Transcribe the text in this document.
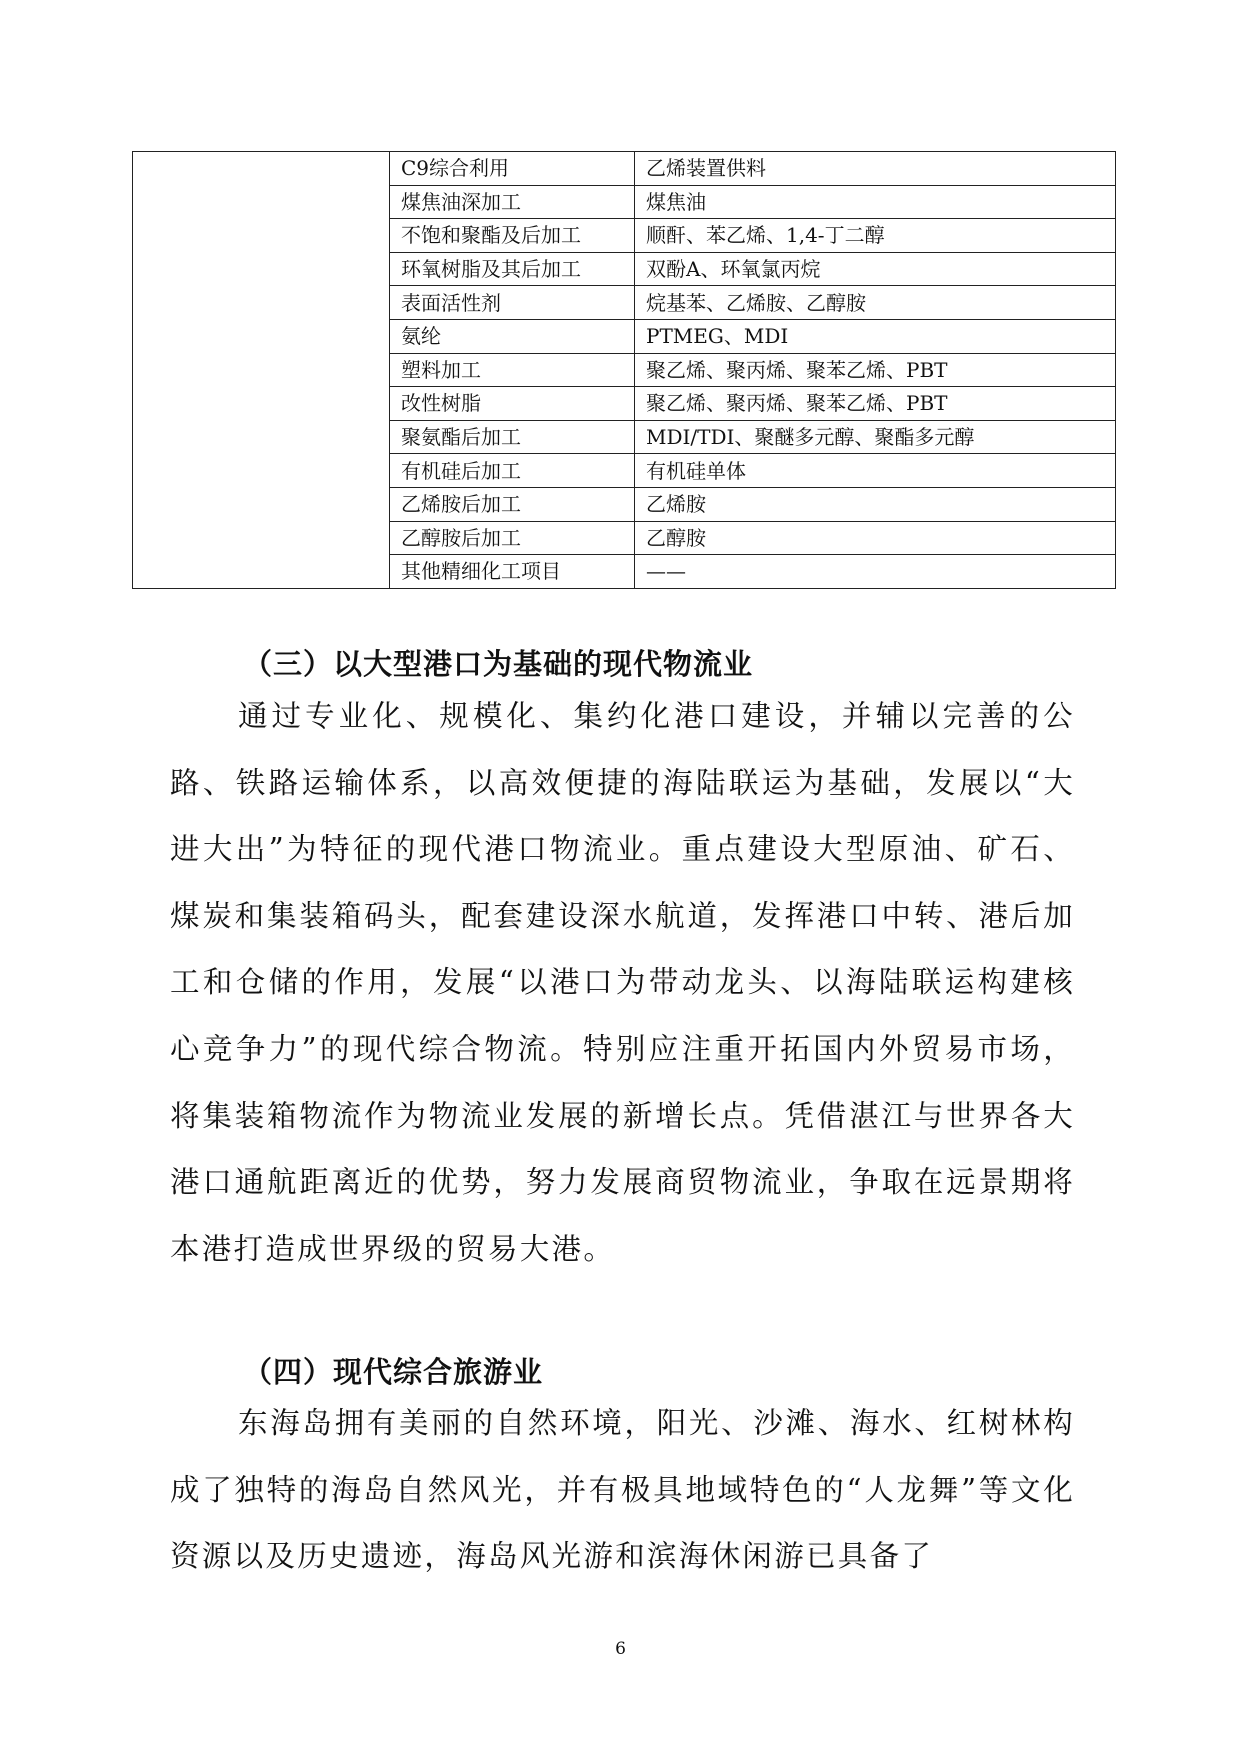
	C9综合利用	乙烯装置供料
	煤焦油深加工	煤焦油
	不饱和聚酯及后加工	顺酐、苯乙烯、1,4-丁二醇
	环氧树脂及其后加工	双酚A、环氧氯丙烷
	表面活性剂	烷基苯、乙烯胺、乙醇胺
	氨纶	PTMEG、MDI
	塑料加工	聚乙烯、聚丙烯、聚苯乙烯、PBT
	改性树脂	聚乙烯、聚丙烯、聚苯乙烯、PBT
	聚氨酯后加工	MDI/TDI、聚醚多元醇、聚酯多元醇
	有机硅后加工	有机硅单体
	乙烯胺后加工	乙烯胺
	乙醇胺后加工	乙醇胺
	其他精细化工项目	——
（三）以大型港口为基础的现代物流业

通过专业化、规模化、集约化港口建设，并辅以完善的公路、铁路运输体系，以高效便捷的海陆联运为基础，发展以“大进大出”为特征的现代港口物流业。重点建设大型原油、矿石、煤炭和集装箱码头，配套建设深水航道，发挥港口中转、港后加工和仓储的作用，发展“以港口为带动龙头、以海陆联运构建核心竞争力”的现代综合物流。特别应注重开拓国内外贸易市场，将集装箱物流作为物流业发展的新增长点。凭借湛江与世界各大港口通航距离近的优势，努力发展商贸物流业，争取在远景期将本港打造成世界级的贸易大港。

（四）现代综合旅游业

东海岛拥有美丽的自然环境，阳光、沙滩、海水、红树林构成了独特的海岛自然风光，并有极具地域特色的“人龙舞”等文化资源以及历史遗迹，海岛风光游和滨海休闲游已具备了

6
